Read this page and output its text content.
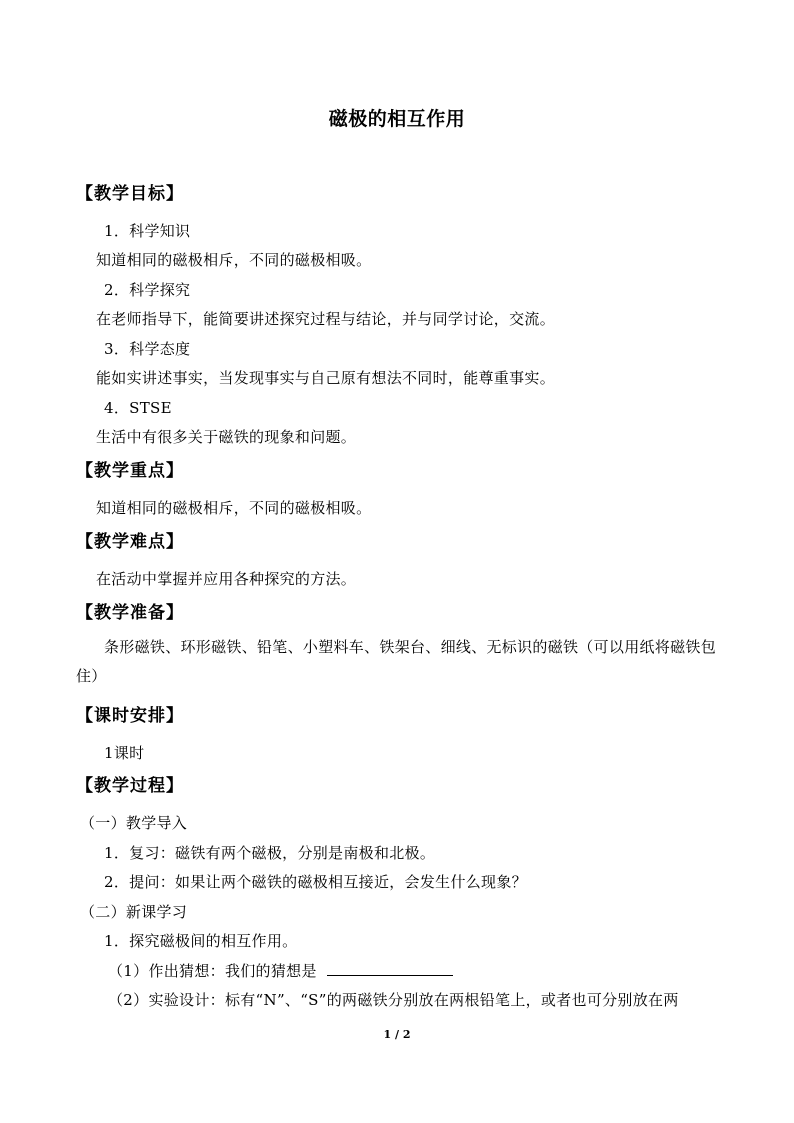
磁极的相互作用
【教学目标】
1．科学知识
知道相同的磁极相斥，不同的磁极相吸。
2．科学探究
在老师指导下，能简要讲述探究过程与结论，并与同学讨论，交流。
3．科学态度
能如实讲述事实，当发现事实与自己原有想法不同时，能尊重事实。
4．STSE
生活中有很多关于磁铁的现象和问题。
【教学重点】
知道相同的磁极相斥，不同的磁极相吸。
【教学难点】
在活动中掌握并应用各种探究的方法。
【教学准备】
条形磁铁、环形磁铁、铅笔、小塑料车、铁架台、细线、无标识的磁铁（可以用纸将磁铁包住）
【课时安排】
1课时
【教学过程】
（一）教学导入
1．复习：磁铁有两个磁极，分别是南极和北极。
2．提问：如果让两个磁铁的磁极相互接近，会发生什么现象？
（二）新课学习
1．探究磁极间的相互作用。
（1）作出猜想：我们的猜想是
（2）实验设计：标有“N”、“S”的两磁铁分别放在两根铅笔上，或者也可分别放在两
1 / 2
